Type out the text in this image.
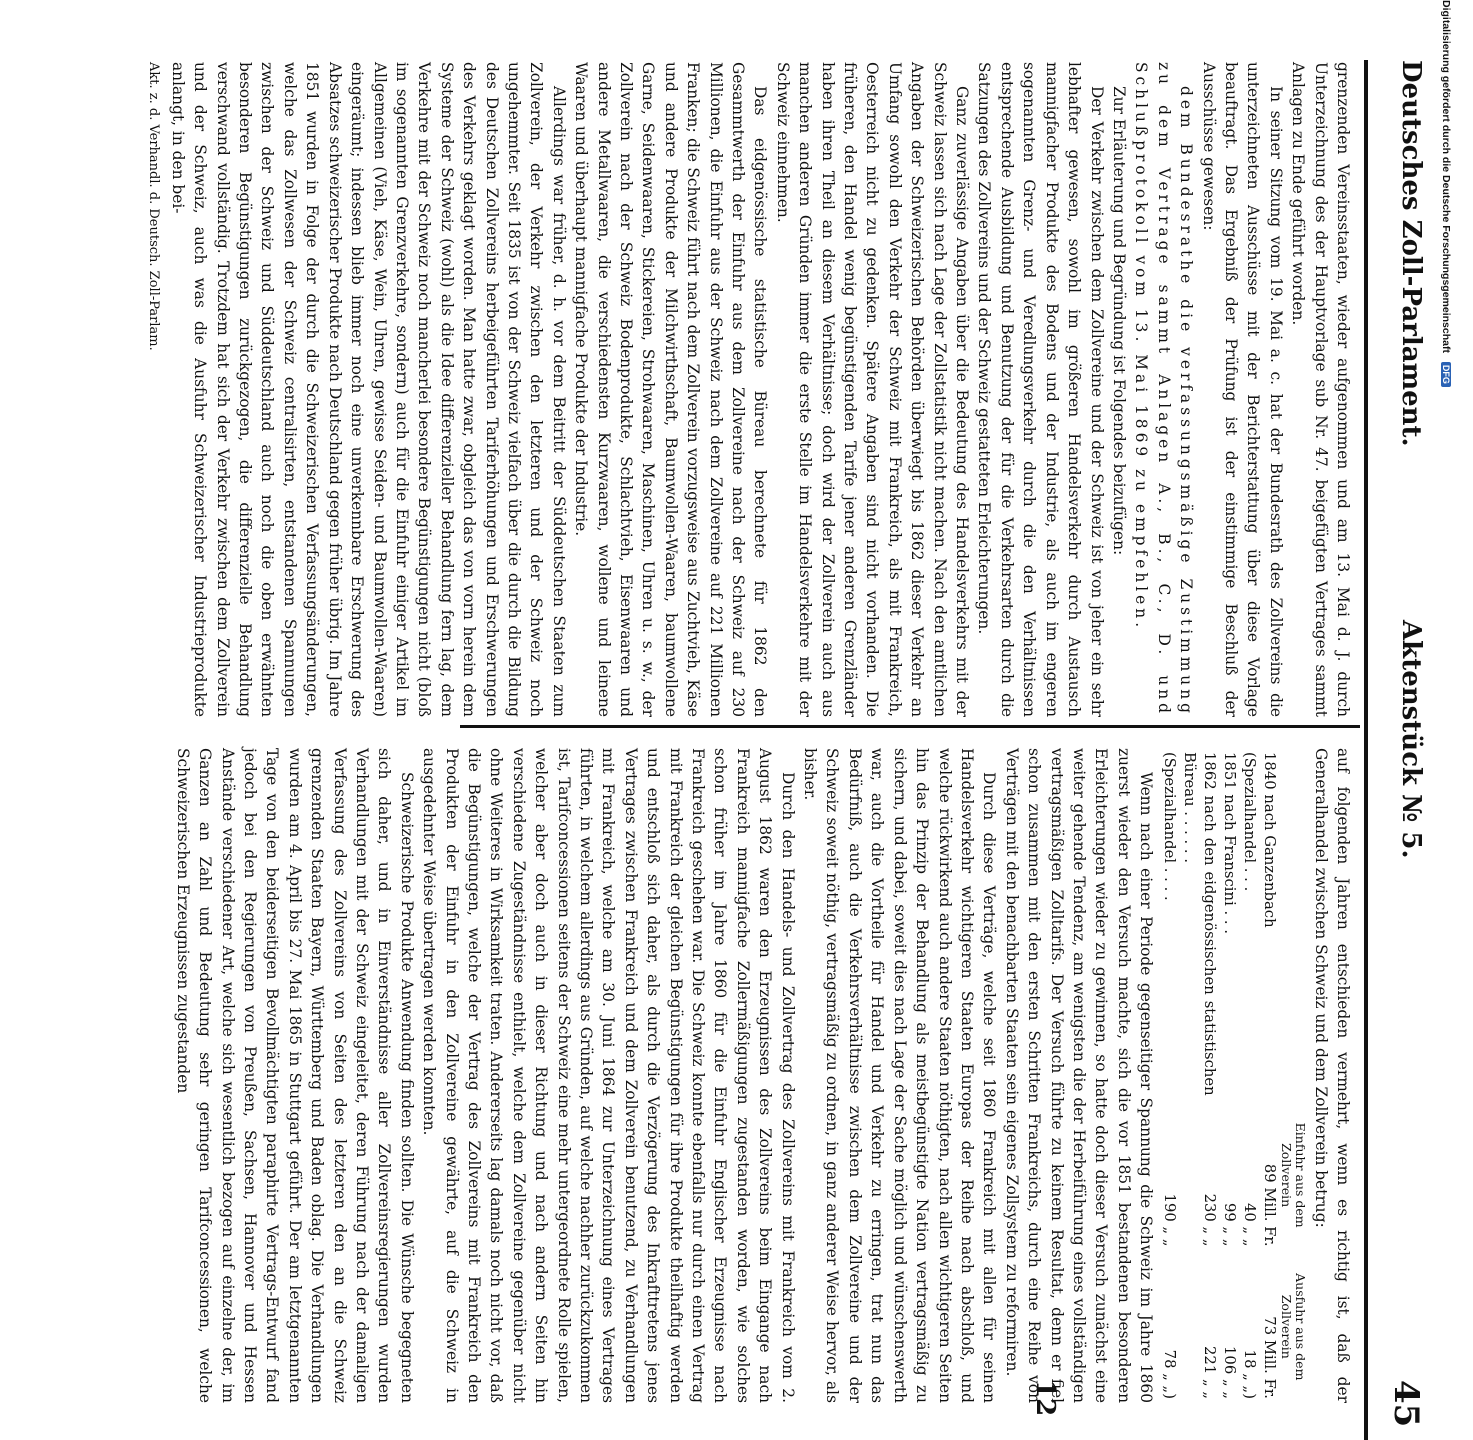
Deutsches Zoll-Parlament.
Aktenstück № 5.
45

grenzenden Vereinsstaaten, wieder aufgenommen und am 13. Mai d. J. durch Unterzeichnung des der Hauptvorlage sub Nr. 47. beigefügten Vertrages sammt Anlagen zu Ende geführt worden.

In seiner Sitzung vom 19. Mai a. c. hat der Bundesrath des Zollvereins die unterzeichneten Ausschüsse mit der Berichterstattung über diese Vorlage beauftragt. Das Ergebniß der Prüfung ist der einstimmige Beschluß der Ausschüsse gewesen:

dem Bundesrathe die verfassungsmäßige Zustimmung zu dem Vertrage sammt Anlagen A., B., C., D. und Schlußprotokoll vom 13. Mai 1869 zu empfehlen.

Zur Erläuterung und Begründung ist Folgendes beizufügen:

Der Verkehr zwischen dem Zollvereine und der Schweiz ist von jeher ein sehr lebhafter gewesen, sowohl im größeren Handelsverkehr durch Austausch mannigfacher Produkte des Bodens und der Industrie, als auch im engeren sogenannten Grenz- und Veredlungsverkehr durch die den Verhältnissen entsprechende Ausbildung und Benutzung der für die Verkehrsarten durch die Satzungen des Zollvereins und der Schweiz gestatteten Erleichterungen.

Ganz zuverlässige Angaben über die Bedeutung des Handelsverkehrs mit der Schweiz lassen sich nach Lage der Zollstatistik nicht machen. Nach den amtlichen Angaben der Schweizerischen Behörden überwiegt bis 1862 dieser Verkehr an Umfang sowohl den Verkehr der Schweiz mit Frankreich, als mit Frankreich, Oesterreich nicht zu gedenken. Spätere Angaben sind nicht vorhanden. Die früheren, den Handel wenig begünstigenden Tarife jener anderen Grenzländer haben ihren Theil an diesem Verhältnisse; doch wird der Zollverein auch aus manchen anderen Gründen immer die erste Stelle im Handelsverkehre mit der Schweiz einnehmen.

Das eidgenössische statistische Büreau berechnete für 1862 den Gesammtwerth der Einfuhr aus dem Zollvereine nach der Schweiz auf 230 Millionen, die Einfuhr aus der Schweiz nach dem Zollvereine auf 221 Millionen Franken; die Schweiz führt nach dem Zollverein vorzugsweise aus Zuchtvieh, Käse und andere Produkte der Milchwirthschaft, Baumwollen-Waaren, baumwollene Garne, Seidenwaaren, Stickereien, Strohwaaren, Maschinen, Uhren u. s. w., der Zollverein nach der Schweiz Bodenprodukte, Schlachtvieh, Eisenwaaren und andere Metallwaaren, die verschiedensten Kurzwaaren, wollene und leinene Waaren und überhaupt mannigfache Produkte der Industrie.

Allerdings war früher, d. h. vor dem Beitritt der Süddeutschen Staaten zum Zollverein, der Verkehr zwischen den letzteren und der Schweiz noch ungehemmter. Seit 1835 ist von der Schweiz vielfach über die durch die Bildung des Deutschen Zollvereins herbeigeführten Tariferhöhungen und Erschwerungen des Verkehrs geklagt worden. Man hatte zwar, obgleich das von vorn herein dem Systeme der Schweiz (wohl) als die Idee differenzieller Behandlung fern lag, dem Verkehre mit der Schweiz noch mancherlei besondere Begünstigungen nicht (bloß im sogenannten Grenzverkehre, sondern) auch für die Einfuhr einiger Artikel im Allgemeinen (Vieh, Käse, Wein, Uhren, gewisse Seiden- und Baumwollen-Waaren) eingeräumt; indessen blieb immer noch eine unverkennbare Erschwerung des Absatzes schweizerischer Produkte nach Deutschland gegen früher übrig. Im Jahre 1851 wurden in Folge der durch die Schweizerischen Verfassungsänderungen, welche das Zollwesen der Schweiz centralisirten, entstandenen Spannungen zwischen der Schweiz und Süddeutschland auch noch die oben erwähnten besonderen Begünstigungen zurückgezogen, die differenzielle Behandlung verschwand vollständig. Trotzdem hat sich der Verkehr zwischen dem Zollverein und der Schweiz, auch was die Ausfuhr Schweizerischer Industrieprodukte anlangt, in den bei-

Akt. z. d. Verhandl. d. Deutsch. Zoll-Parlam.

auf folgenden Jahren entschieden vermehrt, wenn es richtig ist, daß der Generalhandel zwischen Schweiz und dem Zollverein betrug:

	Einfuhr aus dem Zollverein	Ausfuhr aus dem Zollverein
1840 nach Ganzenbach	89 Mill. Fr.	73 Mill. Fr.
(Spezialhandel . . .	40 „ „	18 „ „)
1851 nach Franscini . . .	99 „ „	106 „ „
1862 nach den eidgenössischen statistischen Büreau . . . . . .	230 „ „	221 „ „
(Spezialhandel . . . .	190 „ „	78 „ „)

Wenn nach einer Periode gegenseitiger Spannung die Schweiz im Jahre 1860 zuerst wieder den Versuch machte, sich die vor 1851 bestandenen besonderen Erleichterungen wieder zu gewinnen, so hatte doch dieser Versuch zunächst eine weiter gehende Tendenz, am wenigsten die der Herbeiführung eines vollständigen vertragsmäßigen Zolltarifs. Der Versuch führte zu keinem Resultat, denn er fiel schon zusammen mit den ersten Schritten Frankreichs, durch eine Reihe von Verträgen mit den benachbarten Staaten sein eigenes Zollsystem zu reformiren.

Durch diese Verträge, welche seit 1860 Frankreich mit allen für seinen Handelsverkehr wichtigeren Staaten Europas der Reihe nach abschloß, und welche rückwirkend auch andere Staaten nöthigten, nach allen wichtigeren Seiten hin das Prinzip der Behandlung als meistbegünstigte Nation vertragsmäßig zu sichern, und dabei, soweit dies nach Lage der Sache möglich und wünschenswerth war, auch die Vortheile für Handel und Verkehr zu erringen, trat nun das Bedürfniß, auch die Verkehrsverhältnisse zwischen dem Zollvereine und der Schweiz soweit nöthig, vertragsmäßig zu ordnen, in ganz anderer Weise hervor, als bisher.

Durch den Handels- und Zollvertrag des Zollvereins mit Frankreich vom 2. August 1862 waren den Erzeugnissen des Zollvereins beim Eingange nach Frankreich mannigfache Zollermäßigungen zugestanden worden, wie solches schon früher im Jahre 1860 für die Einfuhr Englischer Erzeugnisse nach Frankreich geschehen war. Die Schweiz konnte ebenfalls nur durch einen Vertrag mit Frankreich der gleichen Begünstigungen für ihre Produkte theilhaftig werden und entschloß sich daher, als durch die Verzögerung des Inkrafttretens jenes Vertrages zwischen Frankreich und dem Zollverein benutzend, zu Verhandlungen mit Frankreich, welche am 30. Juni 1864 zur Unterzeichnung eines Vertrages führten, in welchem allerdings aus Gründen, auf welche nachher zurückzukommen ist, Tarifconcessionen seitens der Schweiz eine mehr untergeordnete Rolle spielen, welcher aber doch auch in dieser Richtung und nach andern Seiten hin verschiedene Zugeständnisse enthielt, welche dem Zollvereine gegenüber nicht ohne Weiteres in Wirksamkeit traten. Andererseits lag damals noch nicht vor, daß die Begünstigungen, welche der Vertrag des Zollvereins mit Frankreich den Produkten der Einfuhr in den Zollvereine gewährte, auf die Schweiz in ausgedehnter Weise übertragen werden konnten.

Schweizerische Produkte Anwendung finden sollten. Die Wünsche begegneten sich daher, und in Einverständnisse aller Zollvereinsregierungen wurden Verhandlungen mit der Schweiz eingeleitet, deren Führung nach der damaligen Verfassung des Zollvereins von Seiten des letzteren den an die Schweiz grenzenden Staaten Bayern, Württemberg und Baden oblag. Die Verhandlungen wurden am 4. April bis 27. Mai 1865 in Stuttgart geführt. Der am letztgenannten Tage von den beiderseitigen Bevollmächtigten paraphirte Vertrags-Entwurf fand jedoch bei den Regierungen von Preußen, Sachsen, Hannover und Hessen Anstände verschiedener Art, welche sich wesentlich bezogen auf einzelne der, im Ganzen an Zahl und Bedeutung sehr geringen Tarifconcessionen, welche Schweizerischen Erzeugnissen zugestanden

12
Digitalisierung gefördert durch die Deutsche Forschungsgemeinschaft DFG
